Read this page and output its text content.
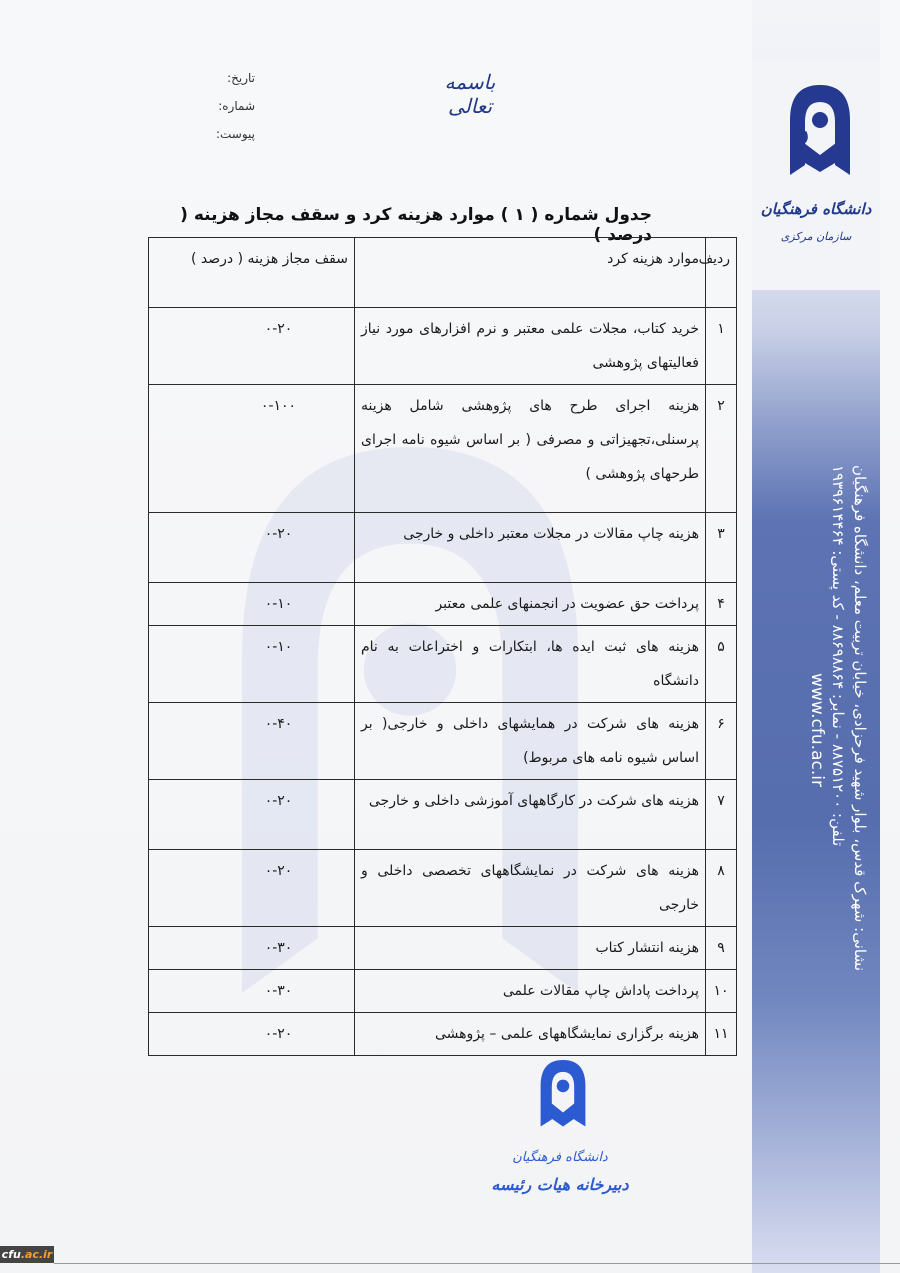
دانشگاه فرهنگیان
سازمان مرکزی
نشانی: شهرک قدس، بلوار شهید فرحزادی، خیابان تربیت معلم، دانشگاه فرهنگیان
تلفن: ۸۸۷۵۱۲۰۰ - نمابر: ۸۸۶۹۸۸۶۴ - کد پستی: ۱۹۳۹۶۱۴۴۶۴
www.cfu.ac.ir
باسمه تعالی
تاریخ:
شماره:
پیوست:
جدول شماره ( ۱ ) موارد هزینه کرد و سقف مجاز هزینه ( درصد )
ردیف	موارد هزینه کرد	سقف مجاز هزینه ( درصد )
۱	خرید کتاب، مجلات علمی معتبر و نرم افزارهای مورد نیاز فعالیتهای پژوهشی	۰-۲۰
۲	هزینه اجرای طرح های پژوهشی شامل هزینه پرسنلی،تجهیزاتی و مصرفی ( بر اساس شیوه نامه اجرای طرحهای پژوهشی )	۰-۱۰۰
۳	هزینه چاپ مقالات در مجلات معتبر داخلی و خارجی	۰-۲۰
۴	پرداخت حق عضویت در انجمنهای علمی معتبر	۰-۱۰
۵	هزینه های ثبت ایده ها، ابتکارات و اختراعات به نام دانشگاه	۰-۱۰
۶	هزینه های شرکت در همایشهای داخلی و خارجی( بر اساس شیوه نامه های مربوط)	۰-۴۰
۷	هزینه های شرکت در کارگاههای آموزشی داخلی و خارجی	۰-۲۰
۸	هزینه های شرکت در نمایشگاههای تخصصی داخلی و خارجی	۰-۲۰
۹	هزینه انتشار کتاب	۰-۳۰
۱۰	پرداخت پاداش چاپ مقالات علمی	۰-۳۰
۱۱	هزینه برگزاری نمایشگاههای علمی – پژوهشی	۰-۲۰
دانشگاه فرهنگیان
دبیرخانه هیات رئیسه
cfu.ac.ir
